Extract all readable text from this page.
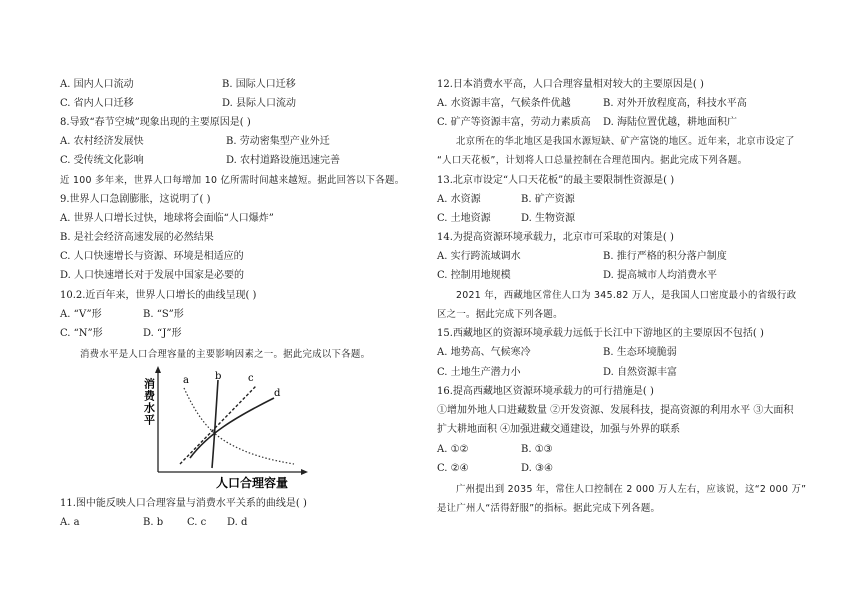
A. 国内人口流动	B. 国际人口迁移
C. 省内人口迁移	D. 县际人口流动
8.导致“春节空城”现象出现的主要原因是( )
A. 农村经济发展快	B. 劳动密集型产业外迁
C. 受传统文化影响	D. 农村道路设施迅速完善
近 100 多年来，世界人口每增加 10 亿所需时间越来越短。据此回答以下各题。
9.世界人口急剧膨胀，这说明了( )
A. 世界人口增长过快，地球将会面临“人口爆炸”
B. 是社会经济高速发展的必然结果
C. 人口快速增长与资源、环境是相适应的
D. 人口快速增长对于发展中国家是必要的
10.2.近百年来，世界人口增长的曲线呈现( )
A. “V”形	B. “S”形
C. “N”形	D. “J”形
消费水平是人口合理容量的主要影响因素之一。据此完成以下各题。
消费水平	a	b	c
d
人口合理容量
11.图中能反映人口合理容量与消费水平关系的曲线是( )
A. a	B. b C. c D. d
12.日本消费水平高，人口合理容量相对较大的主要原因是( )
A. 水资源丰富，气候条件优越	B. 对外开放程度高，科技水平高
C. 矿产等资源丰富，劳动力素质高 D. 海陆位置优越，耕地面积广
北京所在的华北地区是我国水源短缺、矿产富饶的地区。近年来，北京市设定了
“人口天花板”，计划将人口总量控制在合理范围内。据此完成下列各题。
13.北京市设定“人口天花板”的最主要限制性资源是( )
A. 水资源	B. 矿产资源
C. 土地资源	D. 生物资源
14.为提高资源环境承载力，北京市可采取的对策是( )
A. 实行跨流域调水	B. 推行严格的积分落户制度
C. 控制用地规模	D. 提高城市人均消费水平
2021 年，西藏地区常住人口为 345.82 万人，是我国人口密度最小的省级行政
区之一。据此完成下列各题。
15.西藏地区的资源环境承载力远低于长江中下游地区的主要原因不包括( )
A. 地势高、气候寒冷	B. 生态环境脆弱
C. 土地生产潜力小	D. 自然资源丰富
16.提高西藏地区资源环境承载力的可行措施是( )
①增加外地人口进藏数量 ②开发资源、发展科技，提高资源的利用水平 ③大面积
扩大耕地面积 ④加强进藏交通建设，加强与外界的联系
A. ①②	B. ①③
C. ②④	D. ③④
广州提出到 2035 年，常住人口控制在 2 000 万人左右，应该说，这“2 000 万”
是让广州人“活得舒服”的指标。据此完成下列各题。
